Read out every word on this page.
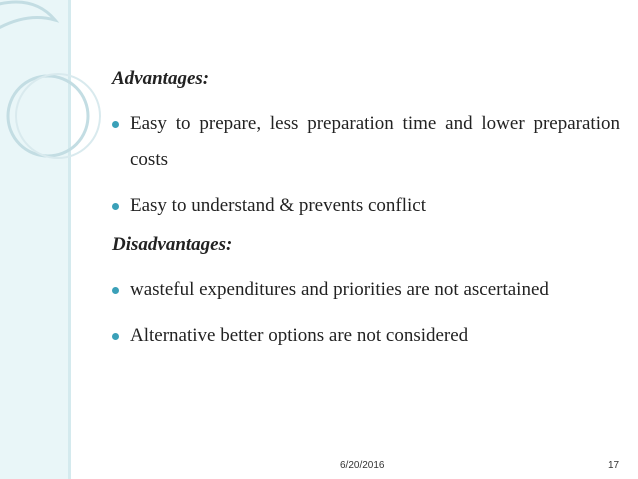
Advantages:
Easy to prepare, less preparation time and lower preparation costs
Easy to understand & prevents conflict
Disadvantages:
wasteful expenditures and priorities are not ascertained
Alternative better options are not considered
6/20/2016	17
